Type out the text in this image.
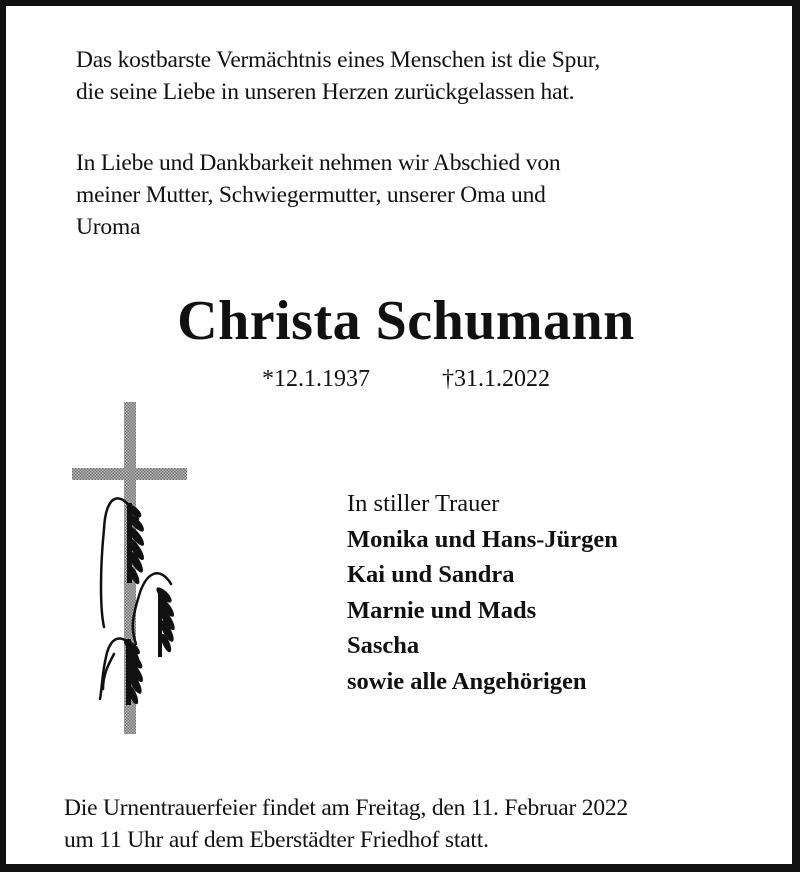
Das kostbarste Vermächtnis eines Menschen ist die Spur,
die seine Liebe in unseren Herzen zurückgelassen hat.
In Liebe und Dankbarkeit nehmen wir Abschied von
meiner Mutter, Schwiegermutter, unserer Oma und
Uroma
Christa Schumann
*12.1.1937	†31.1.2022
In stiller Trauer
Monika und Hans-Jürgen
Kai und Sandra
Marnie und Mads
Sascha
sowie alle Angehörigen
Die Urnentrauerfeier findet am Freitag, den 11. Februar 2022
um 11 Uhr auf dem Eberstädter Friedhof statt.
